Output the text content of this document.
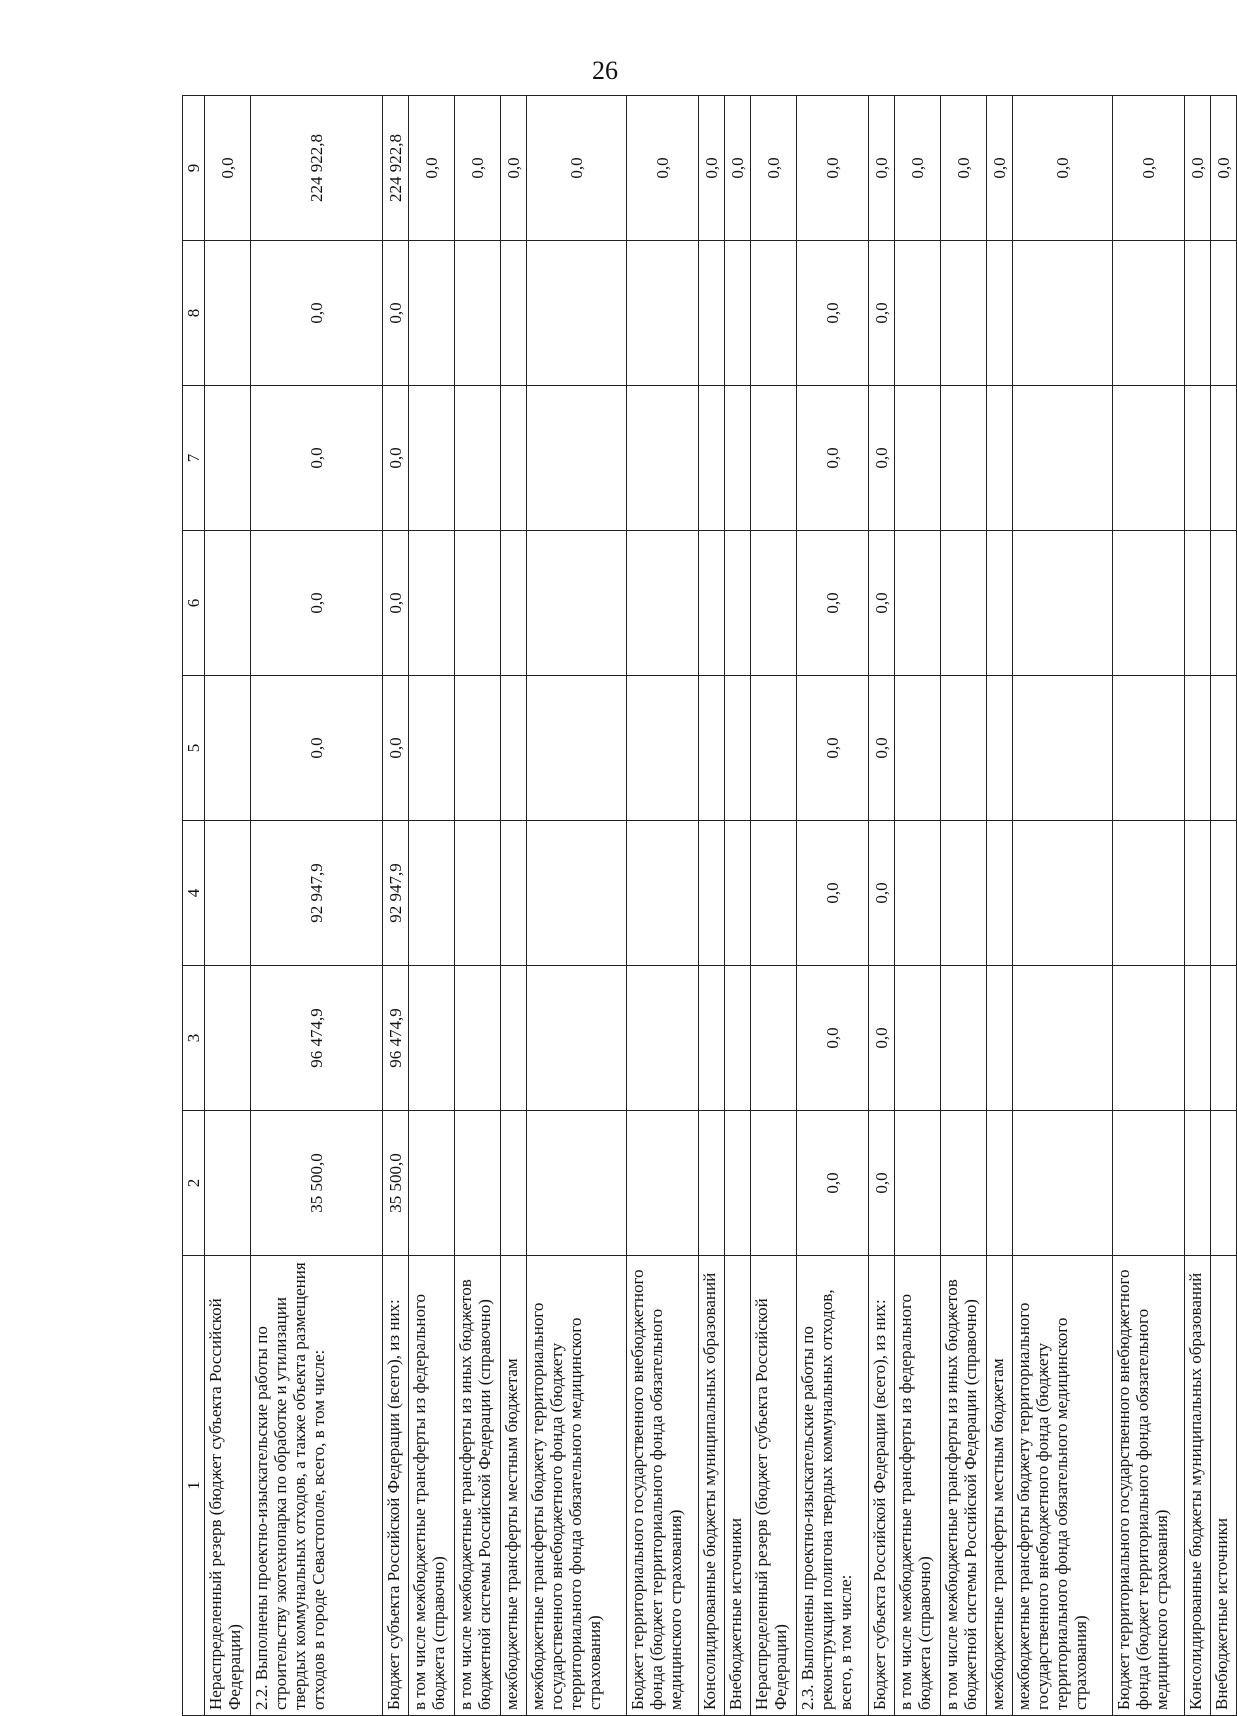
26
1	2	3	4	5	6	7	8	9
Нераспределенный резерв (бюджет субъекта Российской Федерации)								0,0
2.2. Выполнены проектно-изыскательские работы по строительству экотехнопарка по обработке и утилизации твердых коммунальных отходов, а также объекта размещения отходов в городе Севастополе, всего, в том числе:	35 500,0	96 474,9	92 947,9	0,0	0,0	0,0	0,0	224 922,8
Бюджет субъекта Российской Федерации (всего), из них:	35 500,0	96 474,9	92 947,9	0,0	0,0	0,0	0,0	224 922,8
в том числе межбюджетные трансферты из федерального бюджета (справочно)								0,0
в том числе межбюджетные трансферты из иных бюджетов бюджетной системы Российской Федерации (справочно)								0,0
межбюджетные трансферты местным бюджетам								0,0
межбюджетные трансферты бюджету территориального государственного внебюджетного фонда (бюджету территориального фонда обязательного медицинского страхования)								0,0
Бюджет территориального государственного внебюджетного фонда (бюджет территориального фонда обязательного медицинского страхования)								0,0
Консолидированные бюджеты муниципальных образований								0,0
Внебюджетные источники								0,0
Нераспределенный резерв (бюджет субъекта Российской Федерации)								0,0
2.3. Выполнены проектно-изыскательские работы по реконструкции полигона твердых коммунальных отходов, всего, в том числе:	0,0	0,0	0,0	0,0	0,0	0,0	0,0	0,0
Бюджет субъекта Российской Федерации (всего), из них:	0,0	0,0	0,0	0,0	0,0	0,0	0,0	0,0
в том числе межбюджетные трансферты из федерального бюджета (справочно)								0,0
в том числе межбюджетные трансферты из иных бюджетов бюджетной системы Российской Федерации (справочно)								0,0
межбюджетные трансферты местным бюджетам								0,0
межбюджетные трансферты бюджету территориального государственного внебюджетного фонда (бюджету территориального фонда обязательного медицинского страхования)								0,0
Бюджет территориального государственного внебюджетного фонда (бюджет территориального фонда обязательного медицинского страхования)								0,0
Консолидированные бюджеты муниципальных образований								0,0
Внебюджетные источники								0,0
